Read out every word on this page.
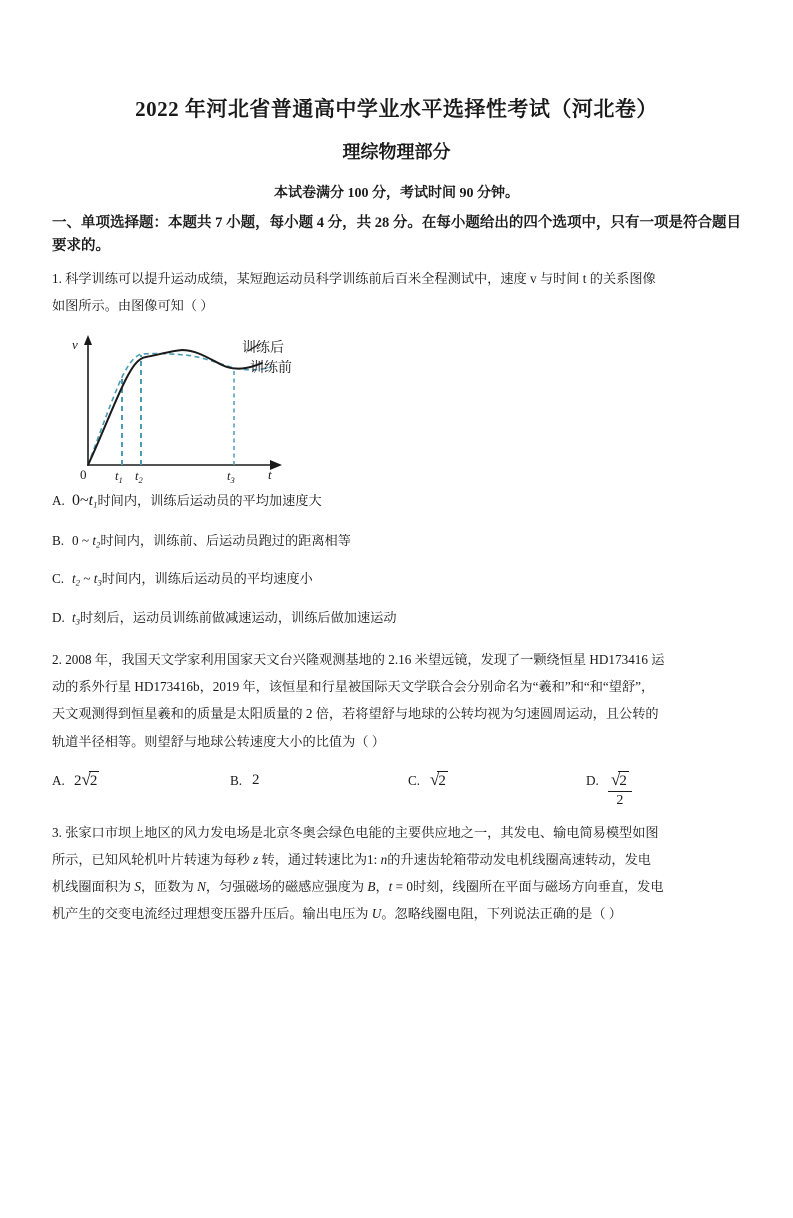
2022 年河北省普通高中学业水平选择性考试（河北卷）
理综物理部分
本试卷满分 100 分，考试时间 90 分钟。
一、单项选择题：本题共 7 小题，每小题 4 分，共 28 分。在每小题给出的四个选项中，只有一项是符合题目要求的。
1. 科学训练可以提升运动成绩，某短跑运动员科学训练前后百米全程测试中，速度 v 与时间 t 的关系图像
如图所示。由图像可知（ ）
v
t
0 $t_1$ $t_2$	$t_3$
训练后
训练前
A. $0\sim t_1$时间内，训练后运动员的平均加速度大
B. 0 ~ $t_2$时间内，训练前、后运动员跑过的距离相等
C. $t_2$ ~ $t_3$时间内，训练后运动员的平均速度小
D. $t_3$时刻后，运动员训练前做减速运动，训练后做加速运动
2. 2008 年，我国天文学家利用国家天文台兴隆观测基地的 2.16 米望远镜，发现了一颗绕恒星 HD173416 运
动的系外行星 HD173416b，2019 年，该恒星和行星被国际天文学联合会分别命名为“羲和”和“和“望舒”，
天文观测得到恒星羲和的质量是太阳质量的 2 倍，若将望舒与地球的公转均视为匀速圆周运动，且公转的
轨道半径相等。则望舒与地球公转速度大小的比值为（ ）
A. 2 √ 2	B. 2	C. √ 2	D. $\frac{√ 2}{2}$
3. 张家口市坝上地区的风力发电场是北京冬奥会绿色电能的主要供应地之一，其发电、输电简易模型如图
所示，已知风轮机叶片转速为每秒 z 转，通过转速比为1: n的升速齿轮箱带动发电机线圈高速转动，发电
机线圈面积为 S，匝数为 N，匀强磁场的磁感应强度为 B，t = 0时刻，线圈所在平面与磁场方向垂直，发电
机产生的交变电流经过理想变压器升压后。输出电压为 U。忽略线圈电阻，下列说法正确的是（ ）
